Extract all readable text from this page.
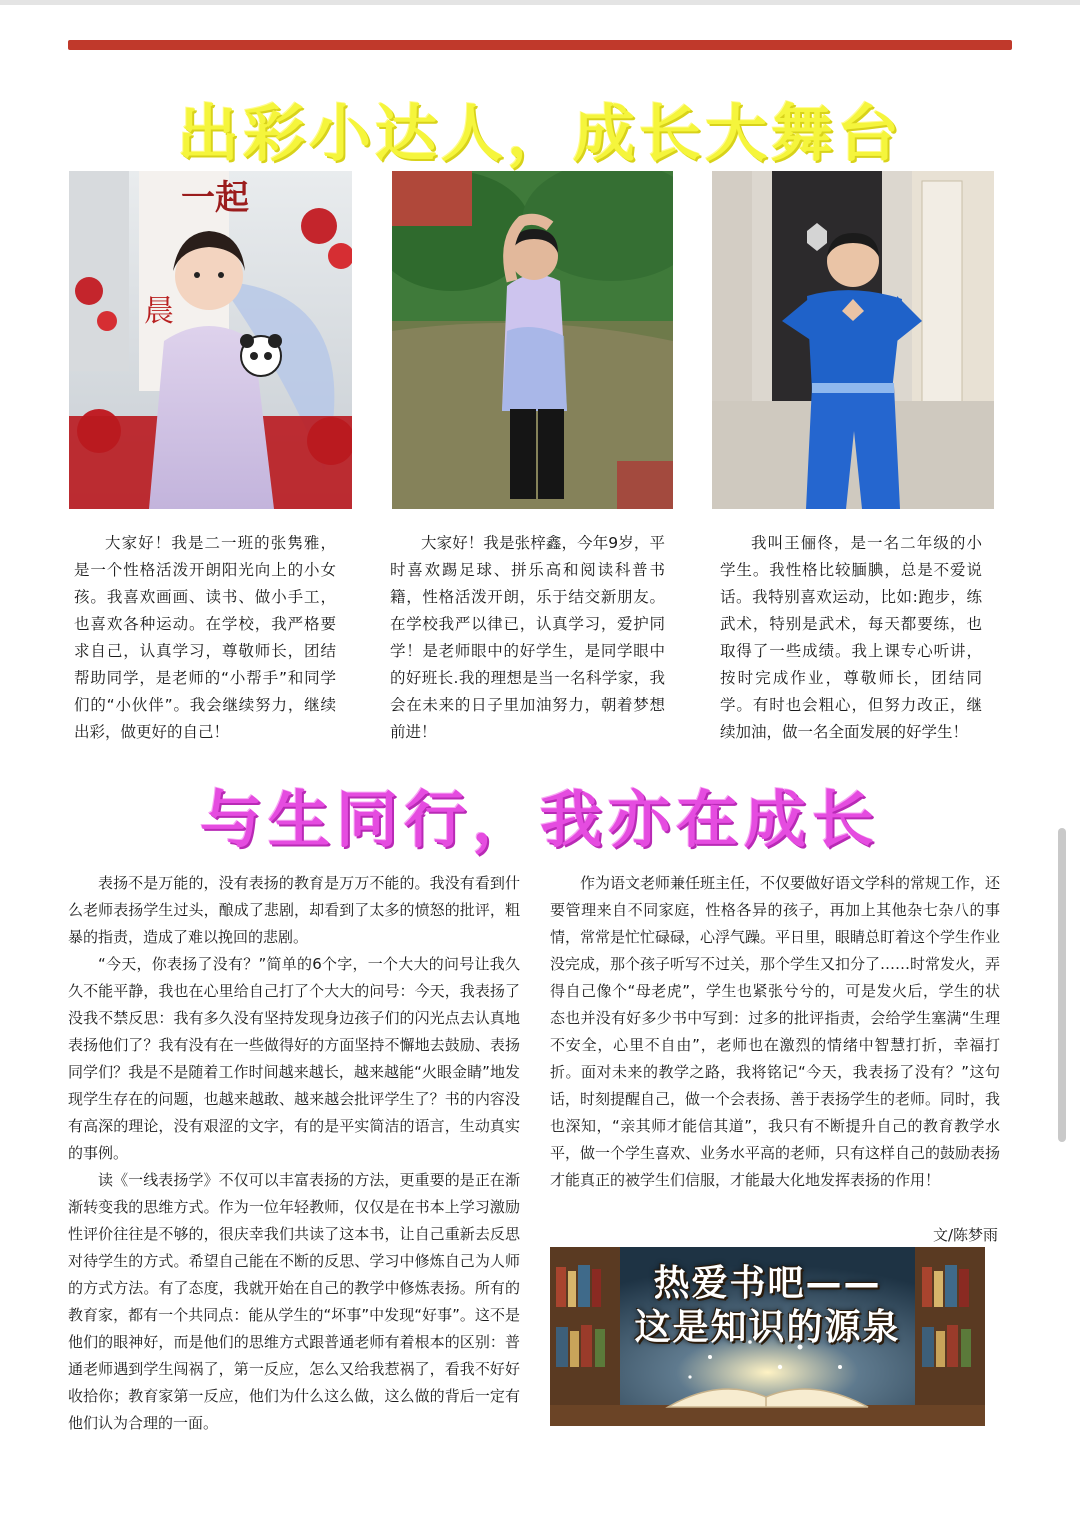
出彩小达人，成长大舞台
一起
晨

大家好！我是二一班的张隽雅，是一个性格活泼开朗阳光向上的小女孩。我喜欢画画、读书、做小手工，也喜欢各种运动。在学校，我严格要求自己，认真学习，尊敬师长，团结帮助同学，是老师的“小帮手”和同学们的“小伙伴”。我会继续努力，继续出彩，做更好的自己！

大家好！我是张梓鑫，今年9岁，平时喜欢踢足球、拼乐高和阅读科普书籍，性格活泼开朗，乐于结交新朋友。在学校我严以律已，认真学习，爱护同学！是老师眼中的好学生，是同学眼中的好班长.我的理想是当一名科学家，我会在未来的日子里加油努力，朝着梦想前进！

我叫王俪佟，是一名二年级的小学生。我性格比较腼腆，总是不爱说话。我特别喜欢运动，比如:跑步，练武术，特别是武术，每天都要练，也取得了一些成绩。我上课专心听讲，按时完成作业，尊敬师长，团结同学。有时也会粗心，但努力改正，继续加油，做一名全面发展的好学生！

与生同行，我亦在成长

表扬不是万能的，没有表扬的教育是万万不能的。我没有看到什么老师表扬学生过头，酿成了悲剧，却看到了太多的愤怒的批评，粗暴的指责，造成了难以挽回的悲剧。

“今天，你表扬了没有？”简单的6个字，一个大大的问号让我久久不能平静，我也在心里给自己打了个大大的问号：今天，我表扬了没我不禁反思：我有多久没有坚持发现身边孩子们的闪光点去认真地表扬他们了？我有没有在一些做得好的方面坚持不懈地去鼓励、表扬同学们？我是不是随着工作时间越来越长，越来越能“火眼金睛”地发现学生存在的问题，也越来越敢、越来越会批评学生了？书的内容没有高深的理论，没有艰涩的文字，有的是平实简洁的语言，生动真实的事例。

读《一线表扬学》不仅可以丰富表扬的方法，更重要的是正在渐渐转变我的思维方式。作为一位年轻教师，仅仅是在书本上学习激励性评价往往是不够的，很庆幸我们共读了这本书，让自己重新去反思对待学生的方式。希望自己能在不断的反思、学习中修炼自己为人师的方式方法。有了态度，我就开始在自己的教学中修炼表扬。所有的教育家，都有一个共同点：能从学生的“坏事”中发现“好事”。这不是他们的眼神好，而是他们的思维方式跟普通老师有着根本的区别：普通老师遇到学生闯祸了，第一反应，怎么又给我惹祸了，看我不好好收拾你；教育家第一反应，他们为什么这么做，这么做的背后一定有他们认为合理的一面。

作为语文老师兼任班主任，不仅要做好语文学科的常规工作，还要管理来自不同家庭，性格各异的孩子，再加上其他杂七杂八的事情，常常是忙忙碌碌，心浮气躁。平日里，眼睛总盯着这个学生作业没完成，那个孩子听写不过关，那个学生又扣分了……时常发火，弄得自己像个“母老虎”，学生也紧张兮兮的，可是发火后，学生的状态也并没有好多少书中写到：过多的批评指责，会给学生塞满“生理不安全，心里不自由”，老师也在激烈的情绪中智慧打折，幸福打折。面对未来的教学之路，我将铭记“今天，我表扬了没有？”这句话，时刻提醒自己，做一个会表扬、善于表扬学生的老师。同时，我也深知，“亲其师才能信其道”，我只有不断提升自己的教育教学水平，做一个学生喜欢、业务水平高的老师，只有这样自己的鼓励表扬才能真正的被学生们信服，才能最大化地发挥表扬的作用！

文/陈梦雨
热爱书吧——
这是知识的源泉
